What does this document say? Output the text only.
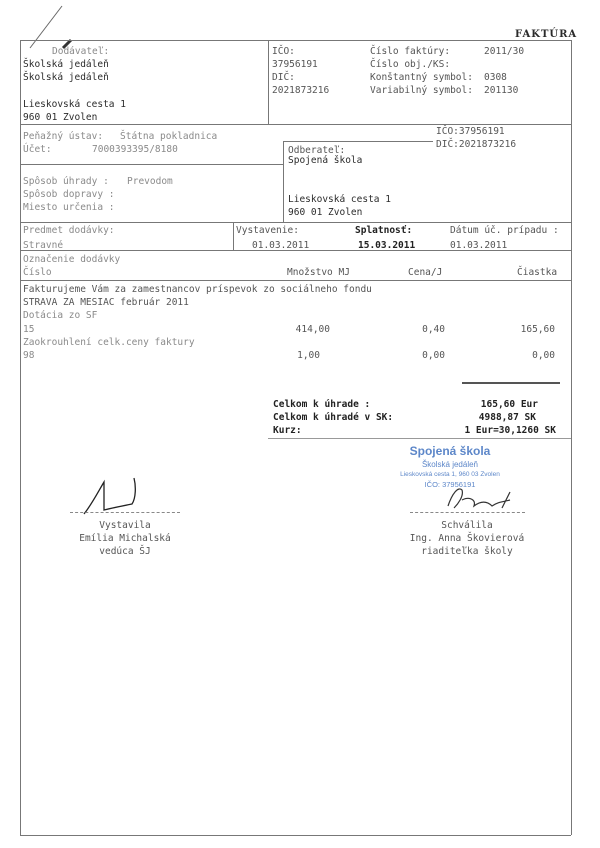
FAKTÚRA
Dodávateľ:
Školská jedáleň
Školská jedáleň
Lieskovská cesta 1
960 01 Zvolen
IČO:
37956191
DIČ:
2021873216
Číslo faktúry:	2011/30
Číslo obj./KS:
Konštantný symbol: 0308
Variabilný symbol: 201130
Peňažný ústav: Štátna pokladnica
Účet:	7000393395/8180
IČO:37956191
DIČ:2021873216
Odberateľ:
Spojená škola
Lieskovská cesta 1
960 01 Zvolen
Spôsob úhrady : Prevodom
Spôsob dopravy :
Miesto určenia :
Predmet dodávky:
Stravné
Vystavenie:
01.03.2011
Splatnosť:
15.03.2011
Dátum úč. prípadu :
01.03.2011
Označenie dodávky
Číslo	Množstvo MJ	Cena/J	Čiastka
Fakturujeme Vám za zamestnancov príspevok zo sociálneho fondu
STRAVA ZA MESIAC február 2011
Dotácia zo SF
15	414,00	0,40	165,60
Zaokrouhlení celk.ceny faktury
98	1,00	0,00	0,00
Celkom k úhrade :	165,60 Eur
Celkom k úhradé v SK:	4988,87 SK
Kurz:	1 Eur=30,1260 SK
Spojená škola
Školská jedáleň
Lieskovská cesta 1, 960 03 Zvolen
IČO: 37956191
Vystavila
Emília Michalská
vedúca ŠJ
Schválila
Ing. Anna Škovierová
riaditeľka školy
